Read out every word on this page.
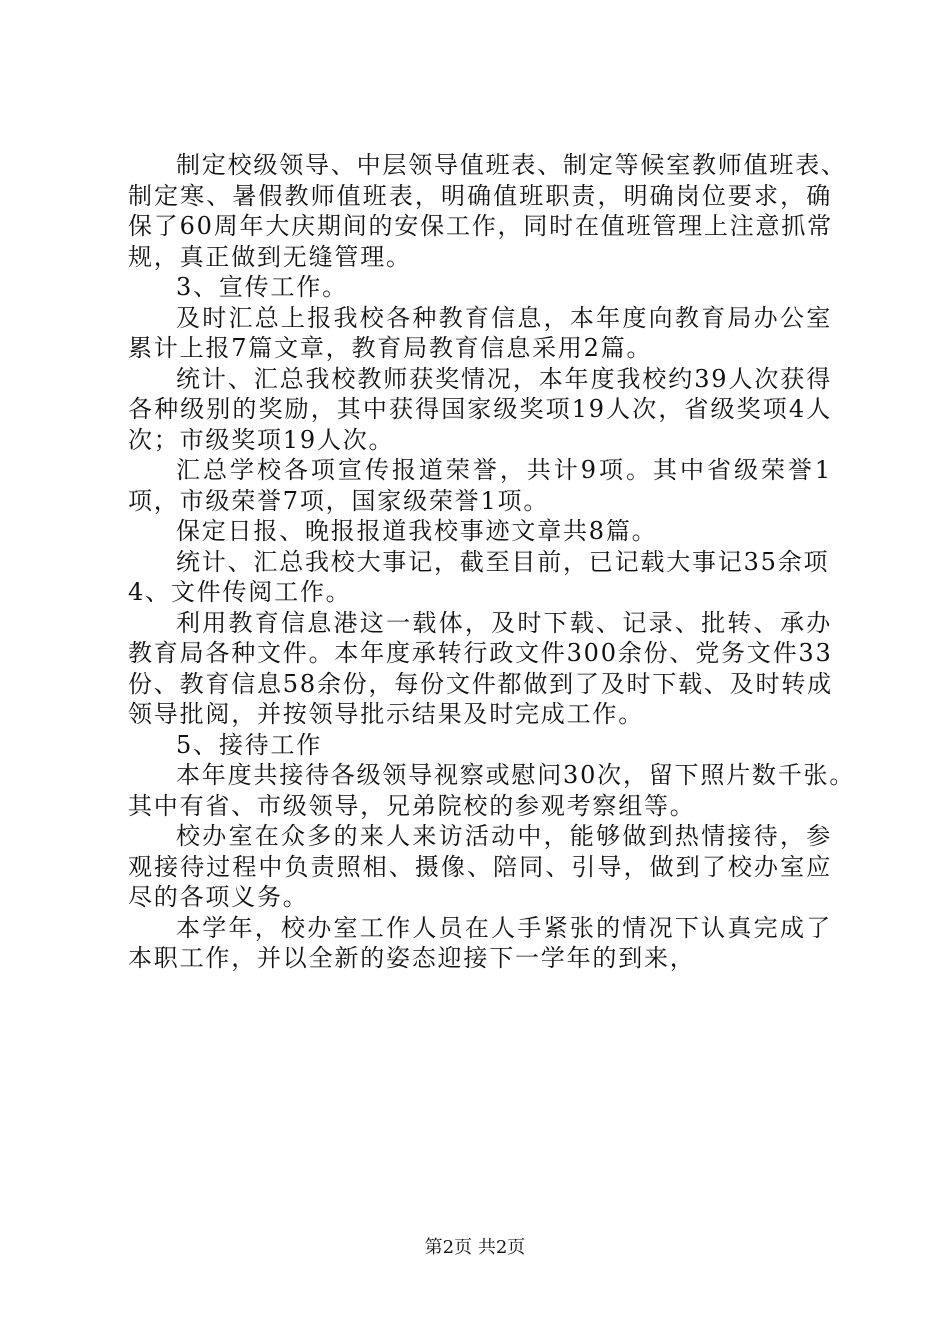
制定校级领导、中层领导值班表、制定等候室教师值班表、
制定寒、暑假教师值班表，明确值班职责，明确岗位要求，确
保了60周年大庆期间的安保工作，同时在值班管理上注意抓常
规，真正做到无缝管理。
3、宣传工作。
及时汇总上报我校各种教育信息，本年度向教育局办公室
累计上报7篇文章，教育局教育信息采用2篇。
统计、汇总我校教师获奖情况，本年度我校约39人次获得
各种级别的奖励，其中获得国家级奖项19人次，省级奖项4人
次；市级奖项19人次。
汇总学校各项宣传报道荣誉，共计9项。其中省级荣誉1
项，市级荣誉7项，国家级荣誉1项。
保定日报、晚报报道我校事迹文章共8篇。
统计、汇总我校大事记，截至目前，已记载大事记35余项
4、文件传阅工作。
利用教育信息港这一载体，及时下载、记录、批转、承办
教育局各种文件。本年度承转行政文件300余份、党务文件33
份、教育信息58余份，每份文件都做到了及时下载、及时转成
领导批阅，并按领导批示结果及时完成工作。
5、接待工作
本年度共接待各级领导视察或慰问30次，留下照片数千张。
其中有省、市级领导，兄弟院校的参观考察组等。
校办室在众多的来人来访活动中，能够做到热情接待，参
观接待过程中负责照相、摄像、陪同、引导，做到了校办室应
尽的各项义务。
本学年，校办室工作人员在人手紧张的情况下认真完成了
本职工作，并以全新的姿态迎接下一学年的到来，
第2页 共2页
